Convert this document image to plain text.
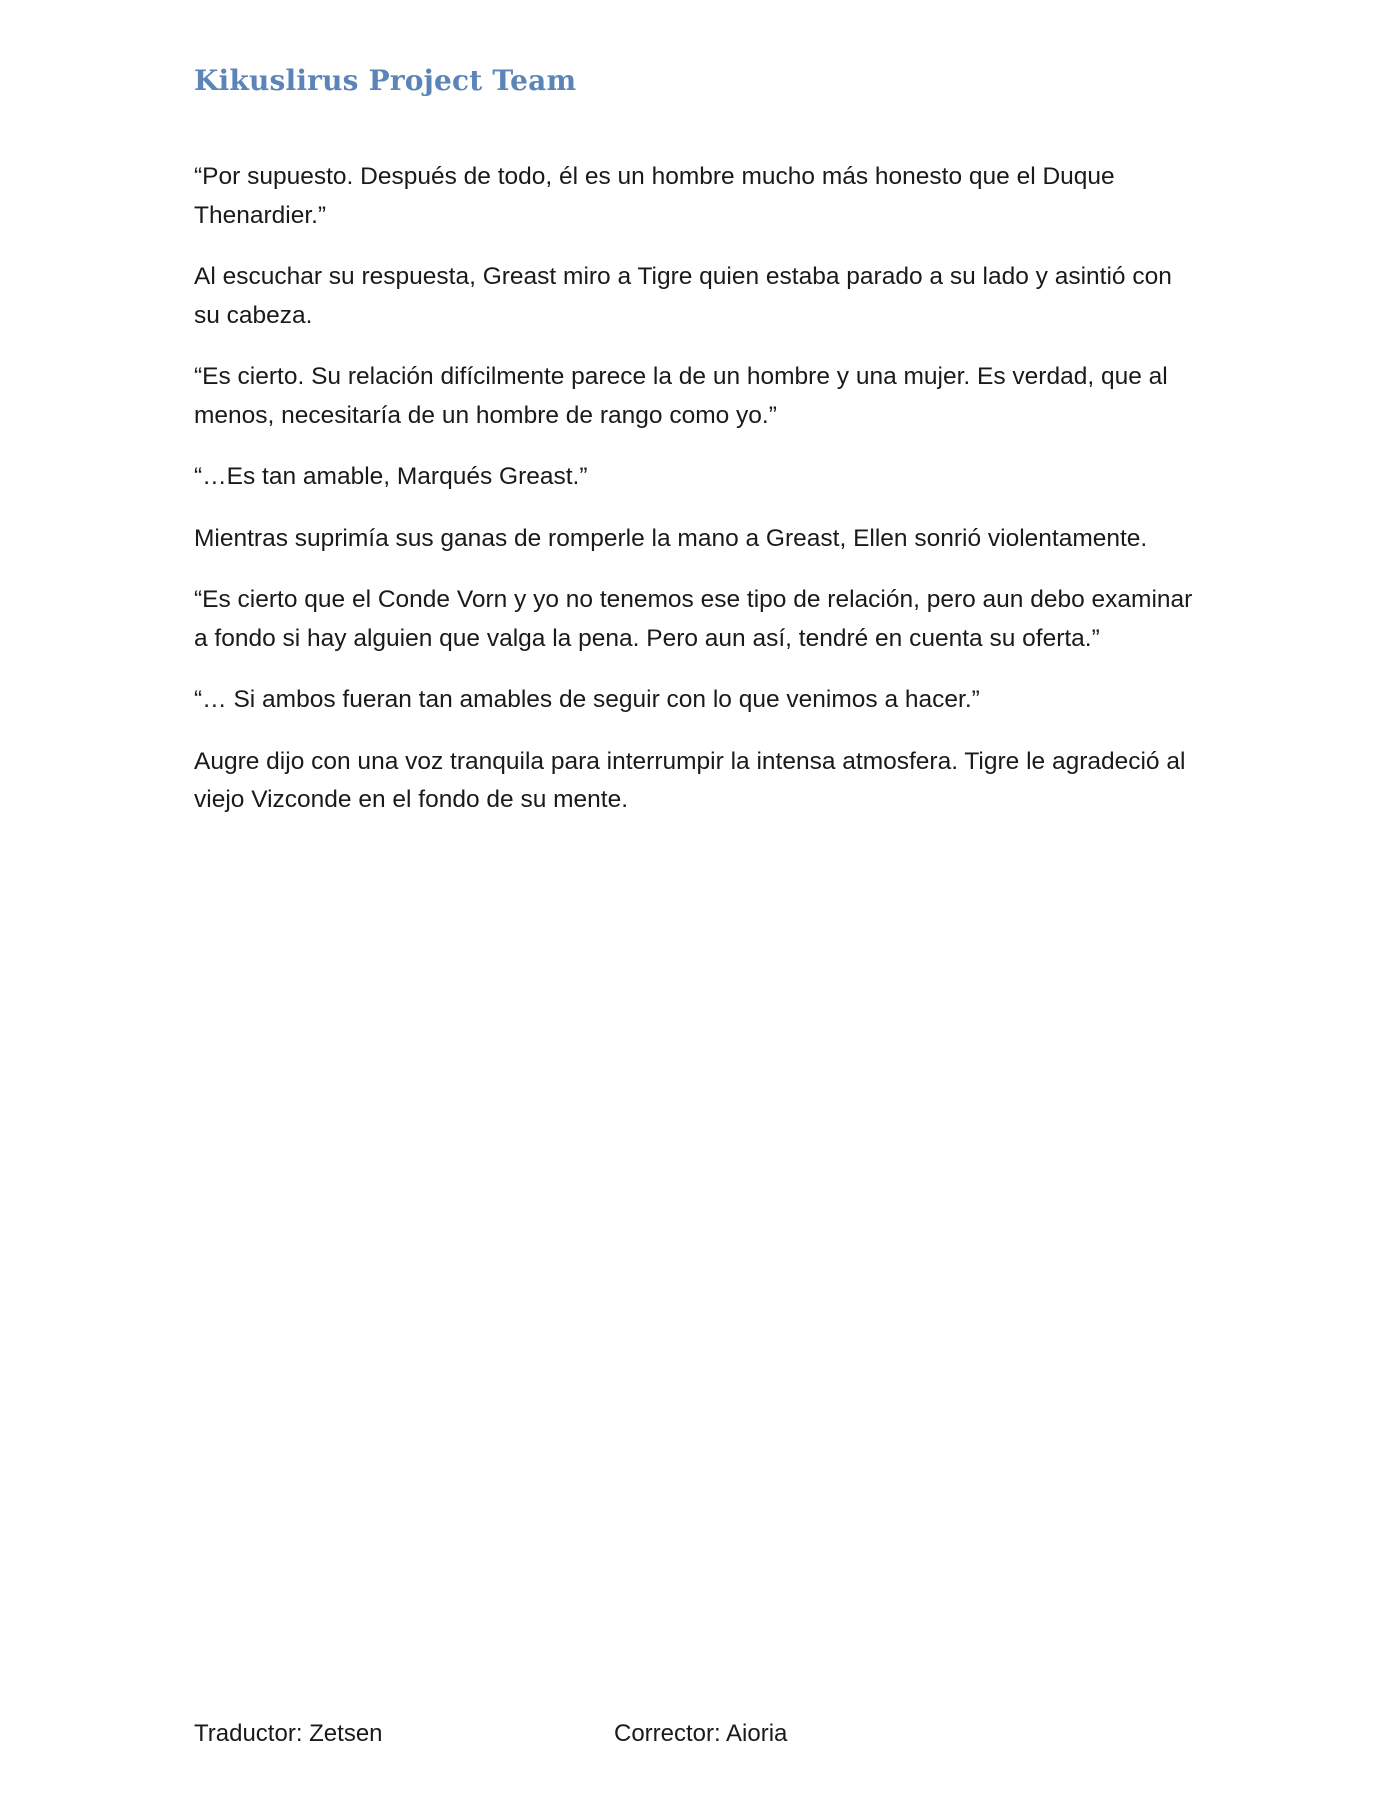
Kikuslirus Project Team

“Por supuesto. Después de todo, él es un hombre mucho más honesto que el Duque Thenardier.”

Al escuchar su respuesta, Greast miro a Tigre quien estaba parado a su lado y asintió con su cabeza.

“Es cierto. Su relación difícilmente parece la de un hombre y una mujer. Es verdad, que al menos, necesitaría de un hombre de rango como yo.”

“…Es tan amable, Marqués Greast.”

Mientras suprimía sus ganas de romperle la mano a Greast, Ellen sonrió violentamente.

“Es cierto que el Conde Vorn y yo no tenemos ese tipo de relación, pero aun debo examinar a fondo si hay alguien que valga la pena. Pero aun así, tendré en cuenta su oferta.”

“… Si ambos fueran tan amables de seguir con lo que venimos a hacer.”

Augre dijo con una voz tranquila para interrumpir la intensa atmosfera. Tigre le agradeció al viejo Vizconde en el fondo de su mente.

Traductor: Zetsen	Corrector: Aioria
